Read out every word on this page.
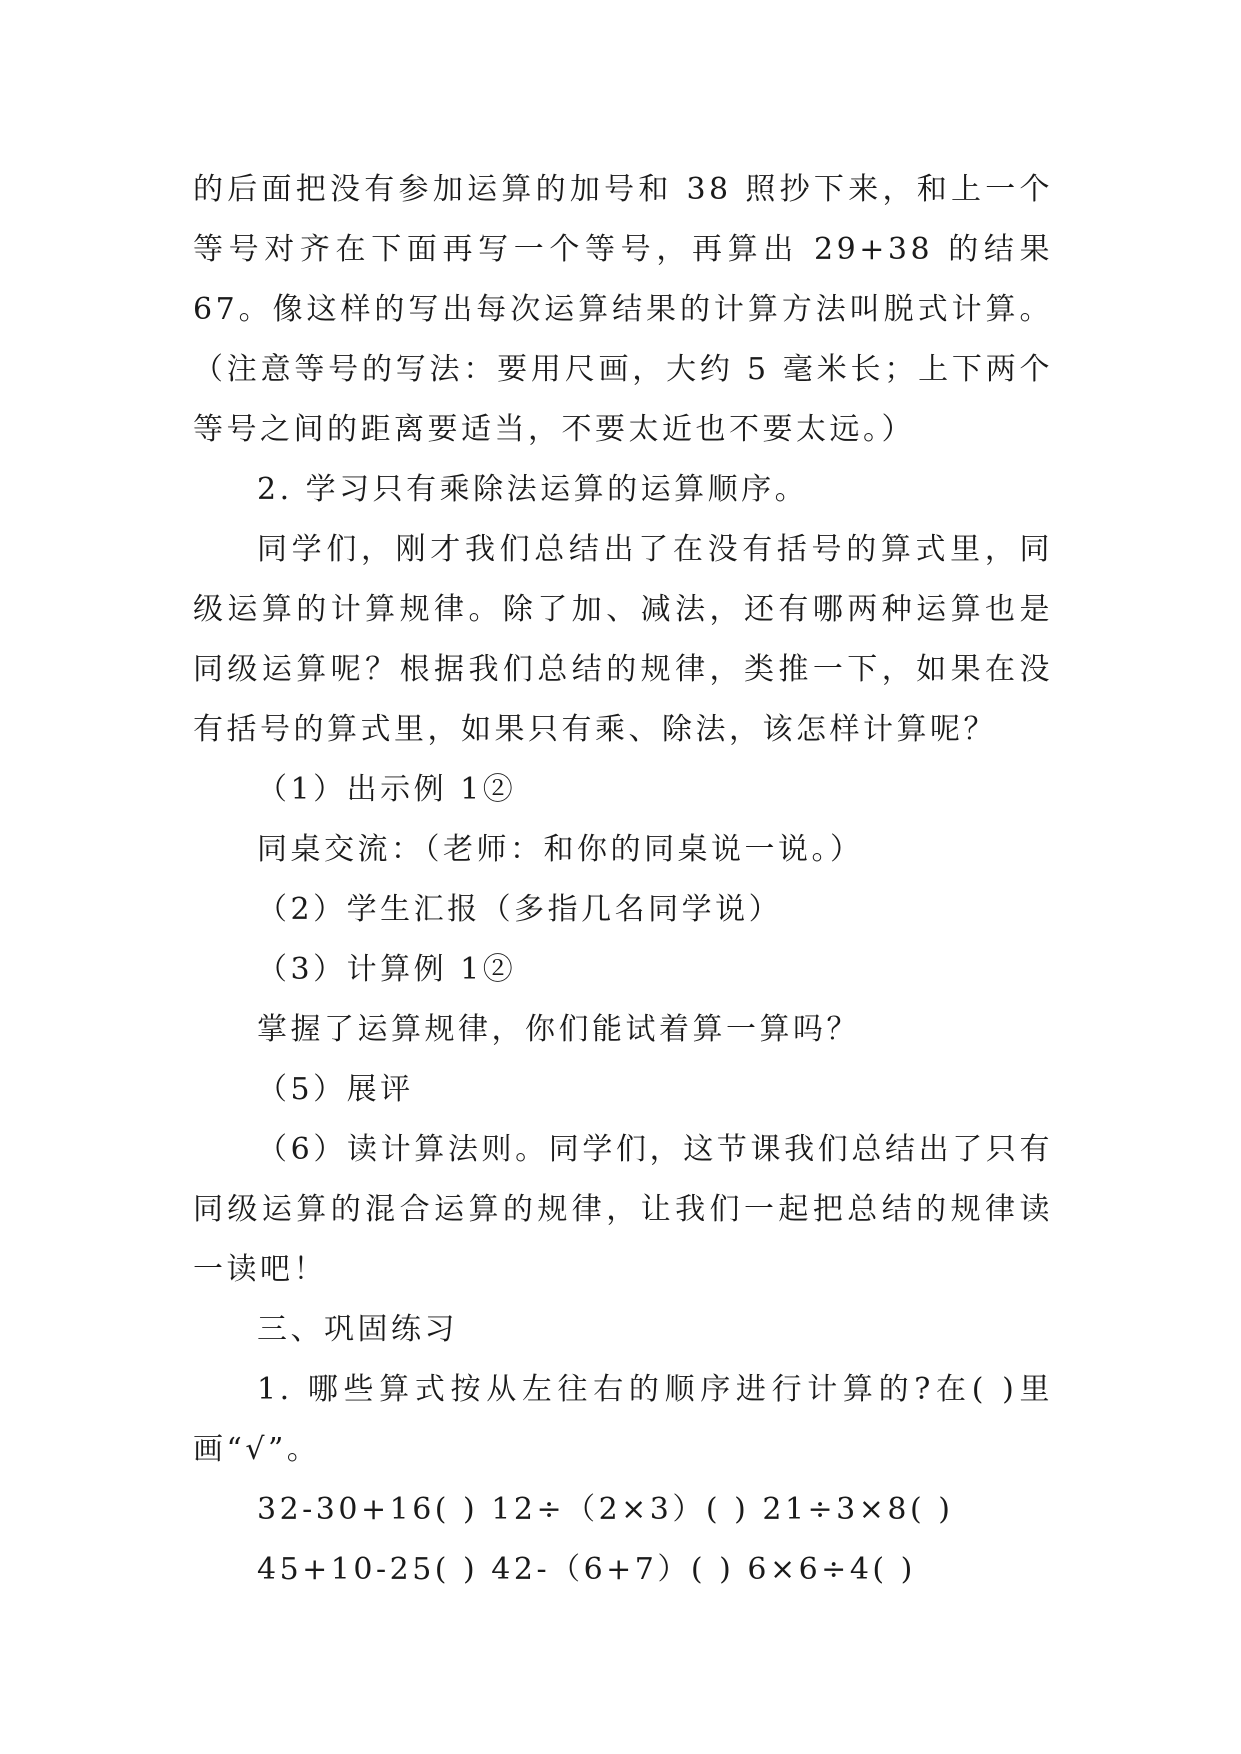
的后面把没有参加运算的加号和 38 照抄下来，和上一个等号对齐在下面再写一个等号，再算出 29+38 的结果 67。像这样的写出每次运算结果的计算方法叫脱式计算。（注意等号的写法：要用尺画，大约 5 毫米长；上下两个等号之间的距离要适当，不要太近也不要太远。）

2. 学习只有乘除法运算的运算顺序。

同学们，刚才我们总结出了在没有括号的算式里，同级运算的计算规律。除了加、减法，还有哪两种运算也是同级运算呢？根据我们总结的规律，类推一下，如果在没有括号的算式里，如果只有乘、除法，该怎样计算呢？

（1）出示例 1②

同桌交流：（老师：和你的同桌说一说。）

（2）学生汇报（多指几名同学说）

（3）计算例 1②

掌握了运算规律，你们能试着算一算吗？

（5）展评

（6）读计算法则。同学们，这节课我们总结出了只有同级运算的混合运算的规律，让我们一起把总结的规律读一读吧！

三、巩固练习

1. 哪些算式按从左往右的顺序进行计算的?在( )里画“√”。

32-30+16( ) 12÷（2×3）( ) 21÷3×8( )

45+10-25( ) 42-（6+7）( ) 6×6÷4( )
